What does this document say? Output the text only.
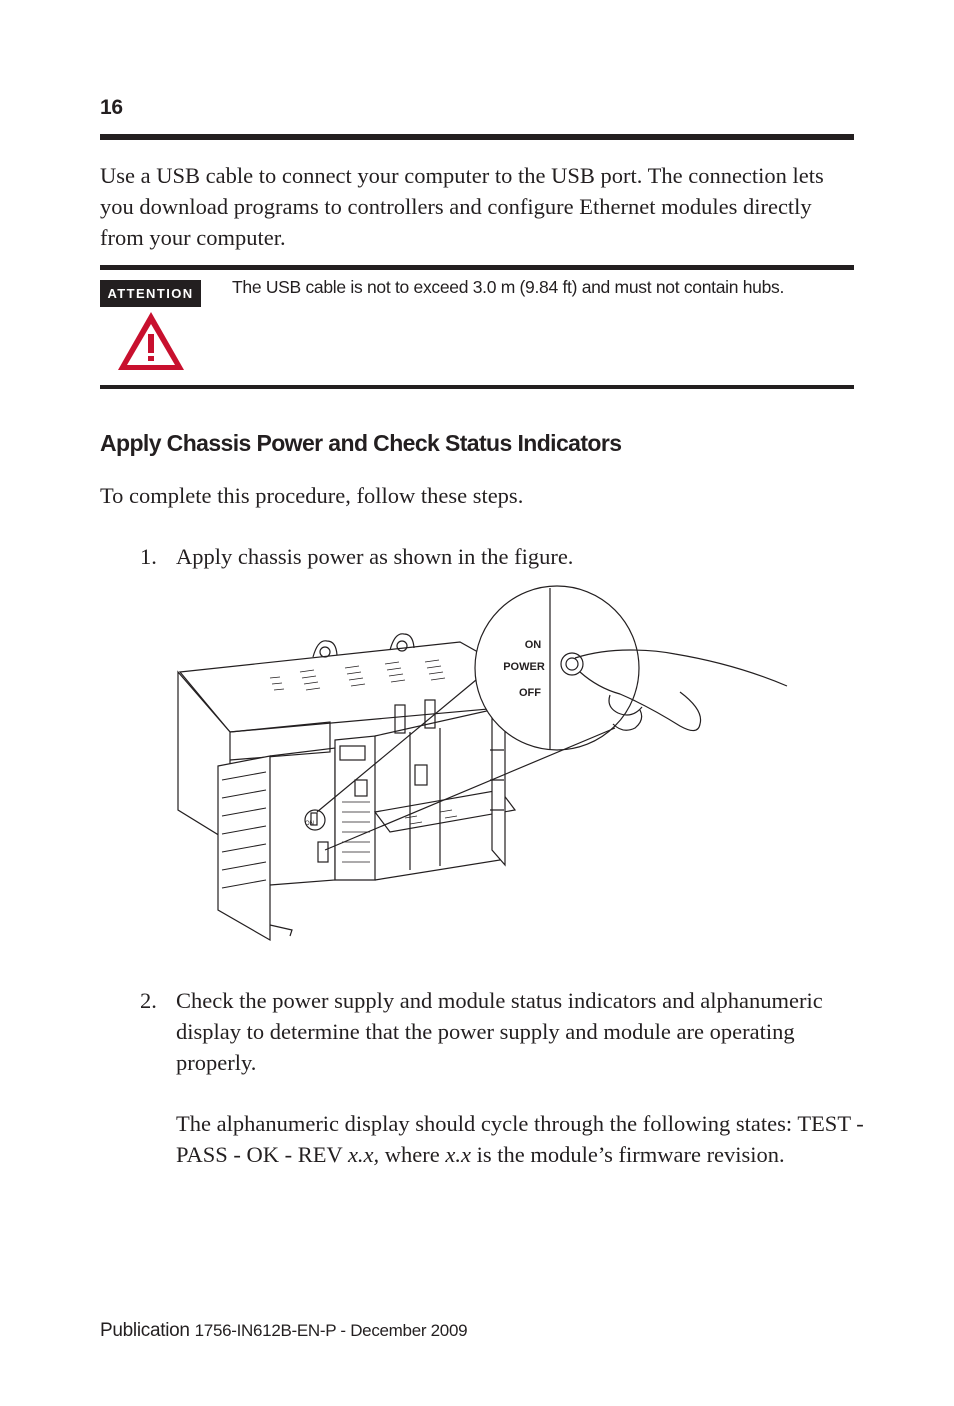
16
Use a USB cable to connect your computer to the USB port. The connection lets you download programs to controllers and configure Ethernet modules directly from your computer.
ATTENTION	The USB cable is not to exceed 3.0 m (9.84 ft) and must not contain hubs.
Apply Chassis Power and Check Status Indicators
To complete this procedure, follow these steps.
1. Apply chassis power as shown in the figure.
ON
ON
POWER
OFF
2. Check the power supply and module status indicators and alphanumeric display to determine that the power supply and module are operating properly.
The alphanumeric display should cycle through the following states: TEST - PASS - OK - REV x.x, where x.x is the module’s firmware revision.
Publication 1756-IN612B-EN-P - December 2009
